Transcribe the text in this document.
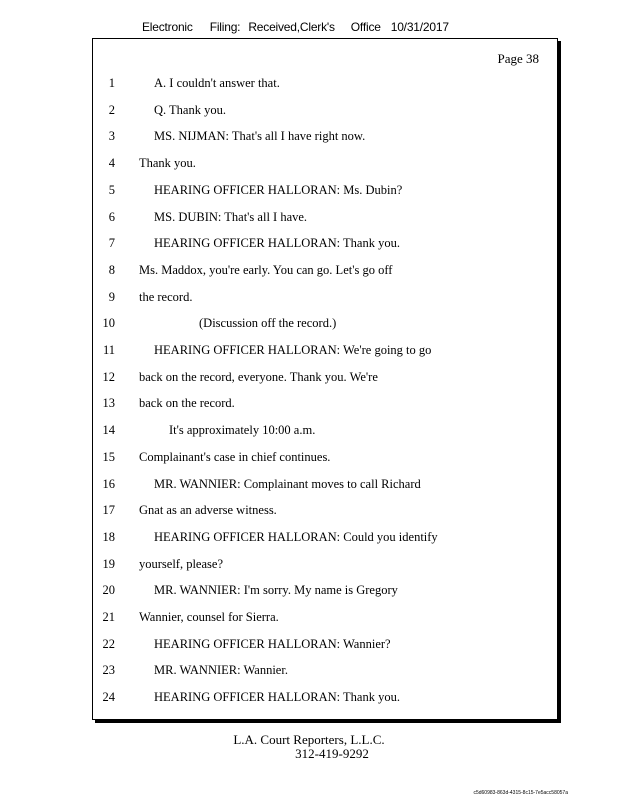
Electronic Filing: Received,Clerk's Office 10/31/2017
Page 38
1	A. I couldn't answer that.
2	Q. Thank you.
3	MS. NIJMAN: That's all I have right now.
4 Thank you.
5	HEARING OFFICER HALLORAN: Ms. Dubin?
6	MS. DUBIN: That's all I have.
7	HEARING OFFICER HALLORAN: Thank you.
8 Ms. Maddox, you're early. You can go. Let's go off
9 the record.
10	(Discussion off the record.)
11	HEARING OFFICER HALLORAN: We're going to go
12 back on the record, everyone. Thank you. We're
13 back on the record.
14	It's approximately 10:00 a.m.
15 Complainant's case in chief continues.
16	MR. WANNIER: Complainant moves to call Richard
17 Gnat as an adverse witness.
18	HEARING OFFICER HALLORAN: Could you identify
19 yourself, please?
20	MR. WANNIER: I'm sorry. My name is Gregory
21 Wannier, counsel for Sierra.
22	HEARING OFFICER HALLORAN: Wannier?
23	MR. WANNIER: Wannier.
24	HEARING OFFICER HALLORAN: Thank you.
L.A. Court Reporters, L.L.C.
312-419-9292
c5d60983-863d-4315-8c15-7e5acc58057a
